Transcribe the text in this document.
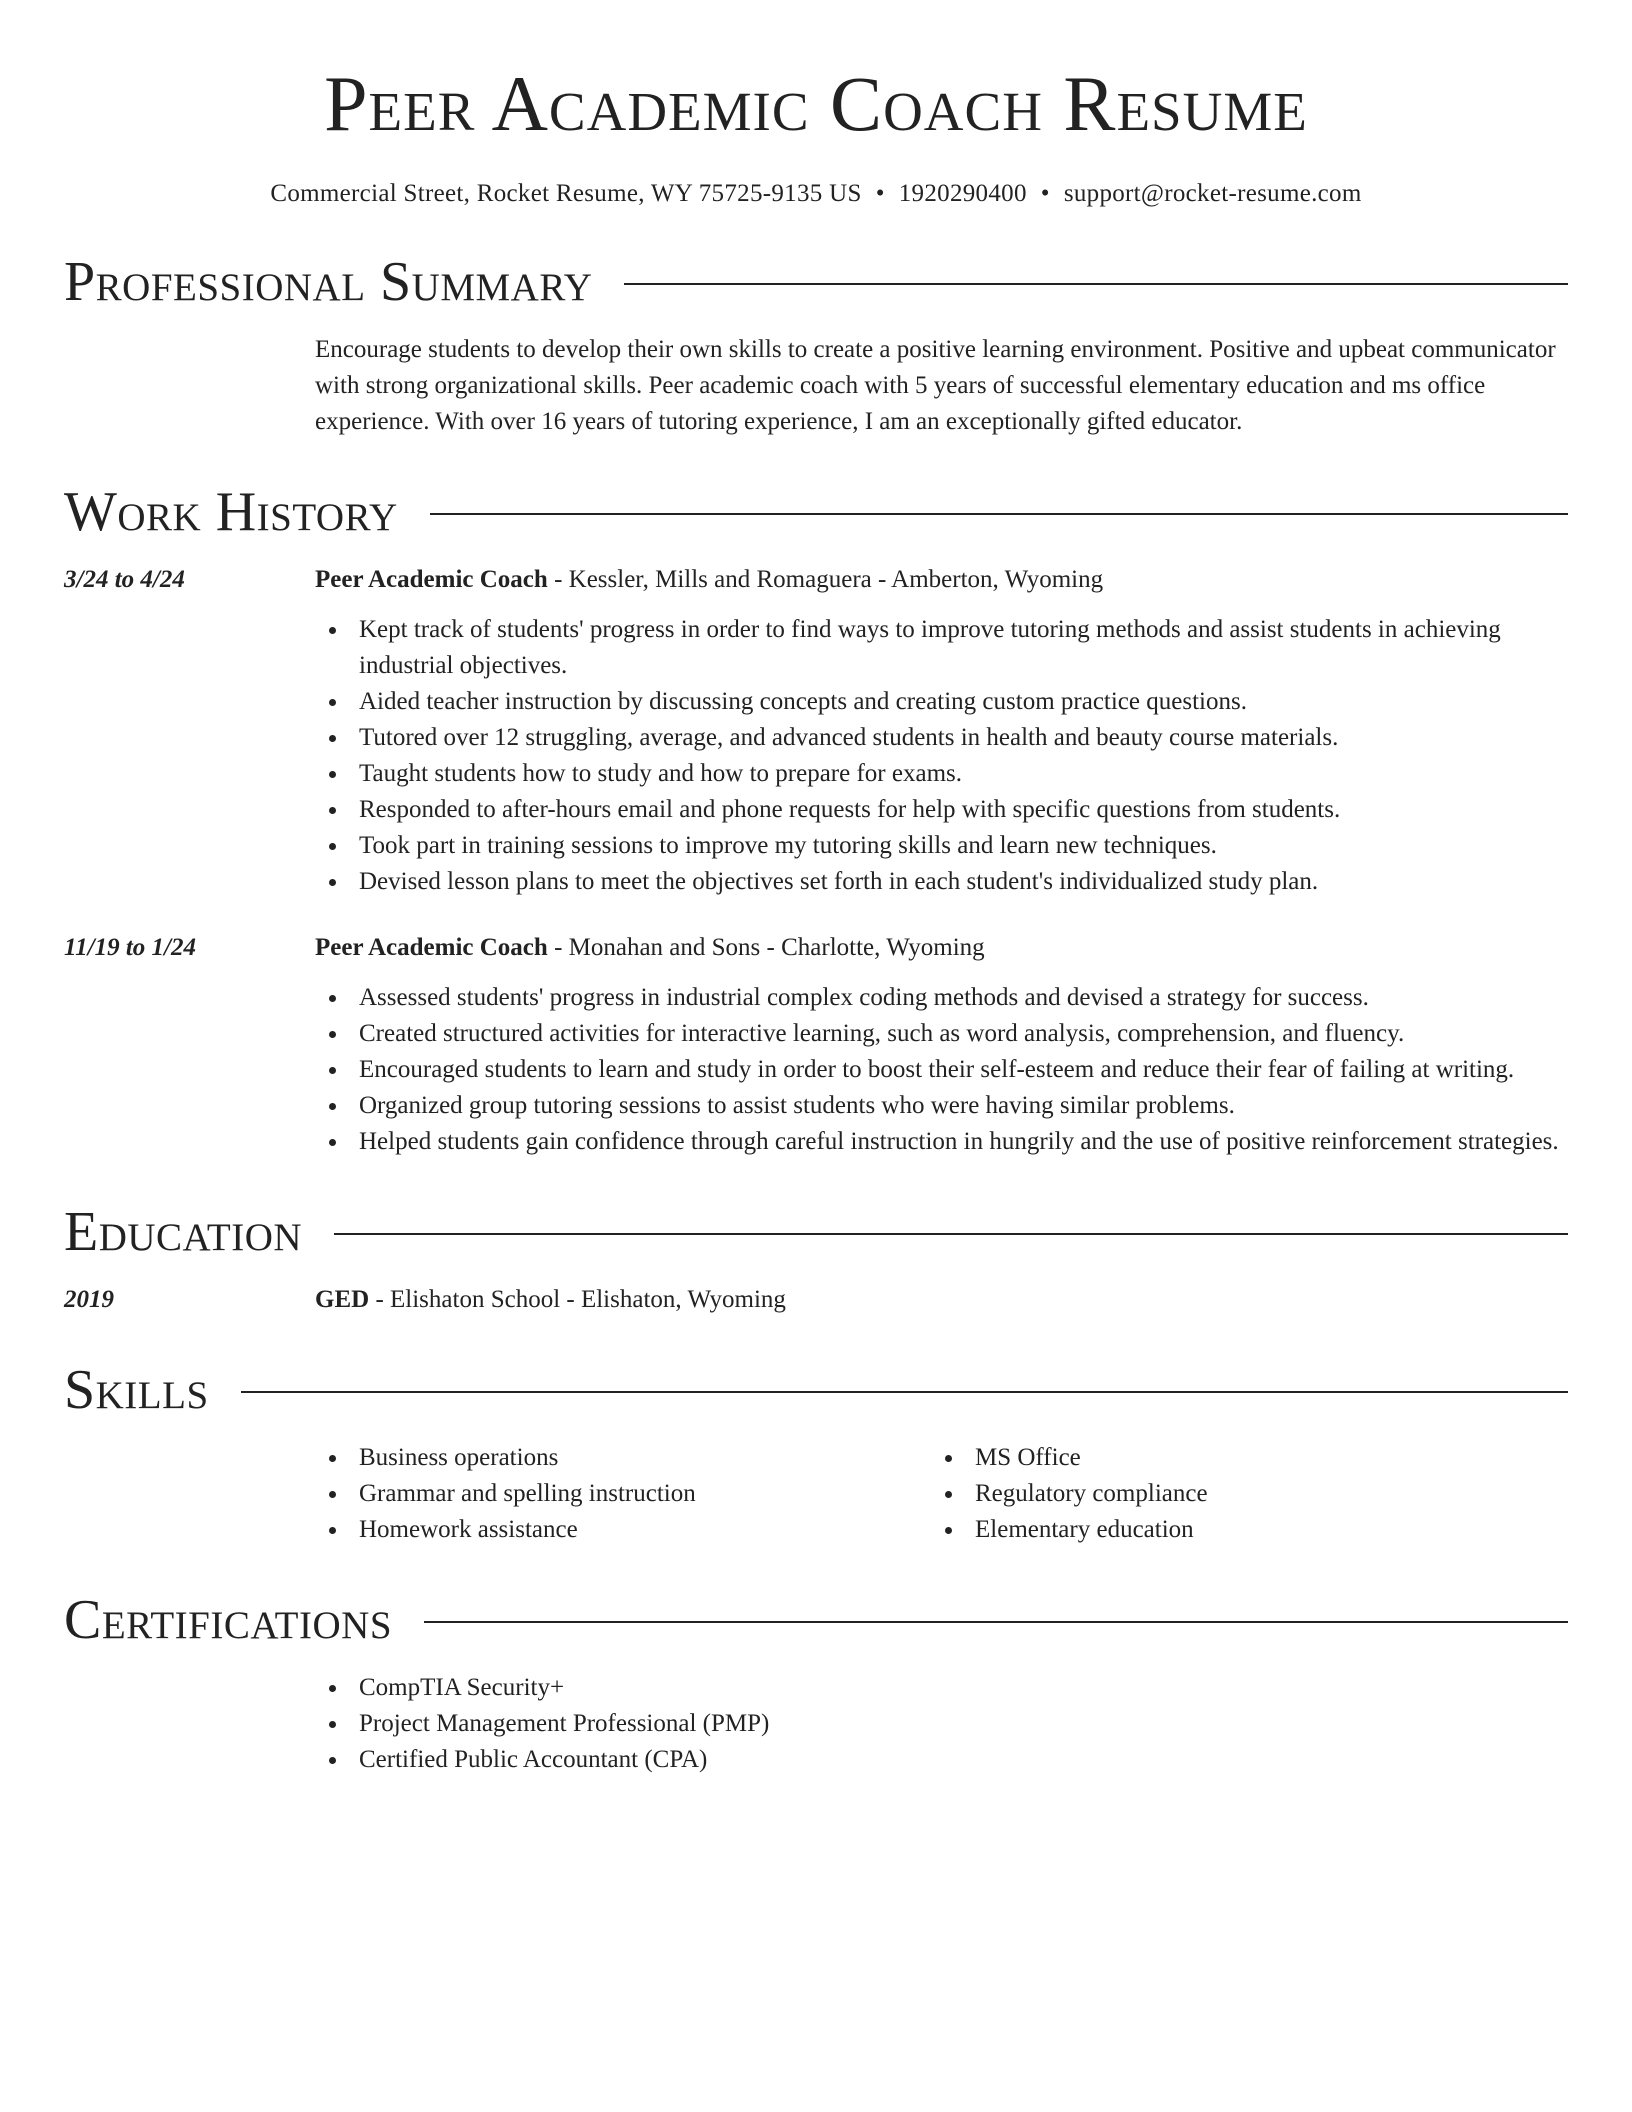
Peer Academic Coach Resume
Commercial Street, Rocket Resume, WY 75725-9135 US • 1920290400 • support@rocket-resume.com
Professional Summary
Encourage students to develop their own skills to create a positive learning environment. Positive and upbeat communicator with strong organizational skills. Peer academic coach with 5 years of successful elementary education and ms office experience. With over 16 years of tutoring experience, I am an exceptionally gifted educator.
Work History
3/24 to 4/24	Peer Academic Coach - Kessler, Mills and Romaguera - Amberton, Wyoming
Kept track of students' progress in order to find ways to improve tutoring methods and assist students in achieving industrial objectives.
Aided teacher instruction by discussing concepts and creating custom practice questions.
Tutored over 12 struggling, average, and advanced students in health and beauty course materials.
Taught students how to study and how to prepare for exams.
Responded to after-hours email and phone requests for help with specific questions from students.
Took part in training sessions to improve my tutoring skills and learn new techniques.
Devised lesson plans to meet the objectives set forth in each student's individualized study plan.
11/19 to 1/24	Peer Academic Coach - Monahan and Sons - Charlotte, Wyoming
Assessed students' progress in industrial complex coding methods and devised a strategy for success.
Created structured activities for interactive learning, such as word analysis, comprehension, and fluency.
Encouraged students to learn and study in order to boost their self-esteem and reduce their fear of failing at writing.
Organized group tutoring sessions to assist students who were having similar problems.
Helped students gain confidence through careful instruction in hungrily and the use of positive reinforcement strategies.
Education
2019	GED - Elishaton School - Elishaton, Wyoming
Skills
Business operations
Grammar and spelling instruction
Homework assistance
MS Office
Regulatory compliance
Elementary education
Certifications
CompTIA Security+
Project Management Professional (PMP)
Certified Public Accountant (CPA)
